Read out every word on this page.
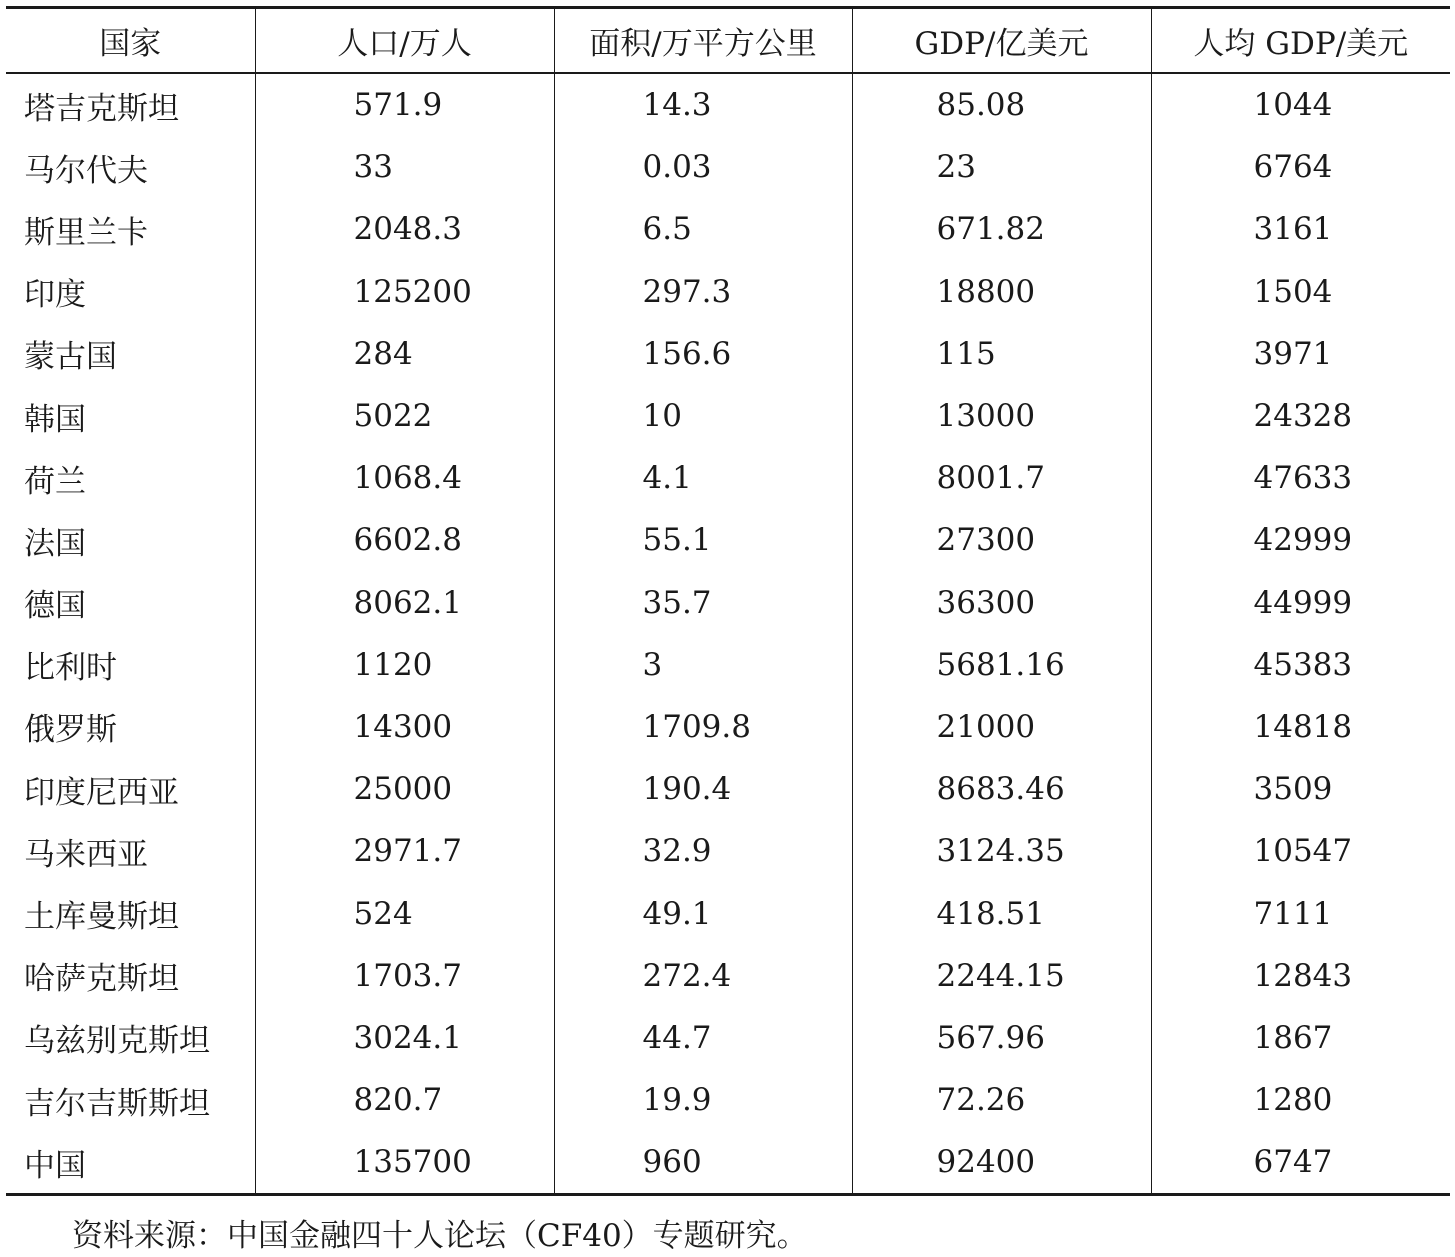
国家	人口/万人	面积/万平方公里	GDP/亿美元	人均 GDP/美元
塔吉克斯坦	571.9	14.3	85.08	1044
马尔代夫	33	0.03	23	6764
斯里兰卡	2048.3	6.5	671.82	3161
印度	125200	297.3	18800	1504
蒙古国	284	156.6	115	3971
韩国	5022	10	13000	24328
荷兰	1068.4	4.1	8001.7	47633
法国	6602.8	55.1	27300	42999
德国	8062.1	35.7	36300	44999
比利时	1120	3	5681.16	45383
俄罗斯	14300	1709.8	21000	14818
印度尼西亚	25000	190.4	8683.46	3509
马来西亚	2971.7	32.9	3124.35	10547
土库曼斯坦	524	49.1	418.51	7111
哈萨克斯坦	1703.7	272.4	2244.15	12843
乌兹别克斯坦	3024.1	44.7	567.96	1867
吉尔吉斯斯坦	820.7	19.9	72.26	1280
中国	135700	960	92400	6747
资料来源：中国金融四十人论坛（CF40）专题研究。
